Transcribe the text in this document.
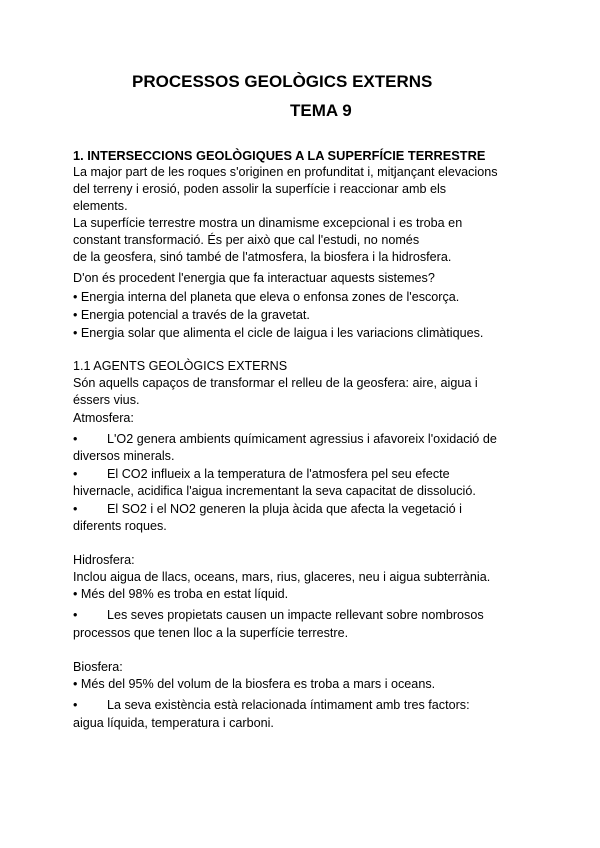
PROCESSOS GEOLÒGICS EXTERNS
TEMA 9
1. INTERSECCIONS GEOLÒGIQUES A LA SUPERFÍCIE TERRESTRE
La major part de les roques s'originen en profunditat i, mitjançant elevacions
del terreny i erosió, poden assolir la superfície i reaccionar amb els
elements.
La superfície terrestre mostra un dinamisme excepcional i es troba en
constant transformació. És per això que cal l'estudi, no només
de la geosfera, sinó també de l'atmosfera, la biosfera i la hidrosfera.
D'on és procedent l'energia que fa interactuar aquests sistemes?
• Energia interna del planeta que eleva o enfonsa zones de l'escorça.
• Energia potencial a través de la gravetat.
• Energia solar que alimenta el cicle de laigua i les variacions climàtiques.
1.1 AGENTS GEOLÒGICS EXTERNS
Són aquells capaços de transformar el relleu de la geosfera: aire, aigua i
éssers vius.
Atmosfera:
• L'O2 genera ambients químicament agressius i afavoreix l'oxidació de
diversos minerals.
• El CO2 influeix a la temperatura de l'atmosfera pel seu efecte
hivernacle, acidifica l'aigua incrementant la seva capacitat de dissolució.
• El SO2 i el NO2 generen la pluja àcida que afecta la vegetació i
diferents roques.
Hidrosfera:
Inclou aigua de llacs, oceans, mars, rius, glaceres, neu i aigua subterrània.
• Més del 98% es troba en estat líquid.
• Les seves propietats causen un impacte rellevant sobre nombrosos
processos que tenen lloc a la superfície terrestre.
Biosfera:
• Més del 95% del volum de la biosfera es troba a mars i oceans.
• La seva existència està relacionada íntimament amb tres factors:
aigua líquida, temperatura i carboni.
